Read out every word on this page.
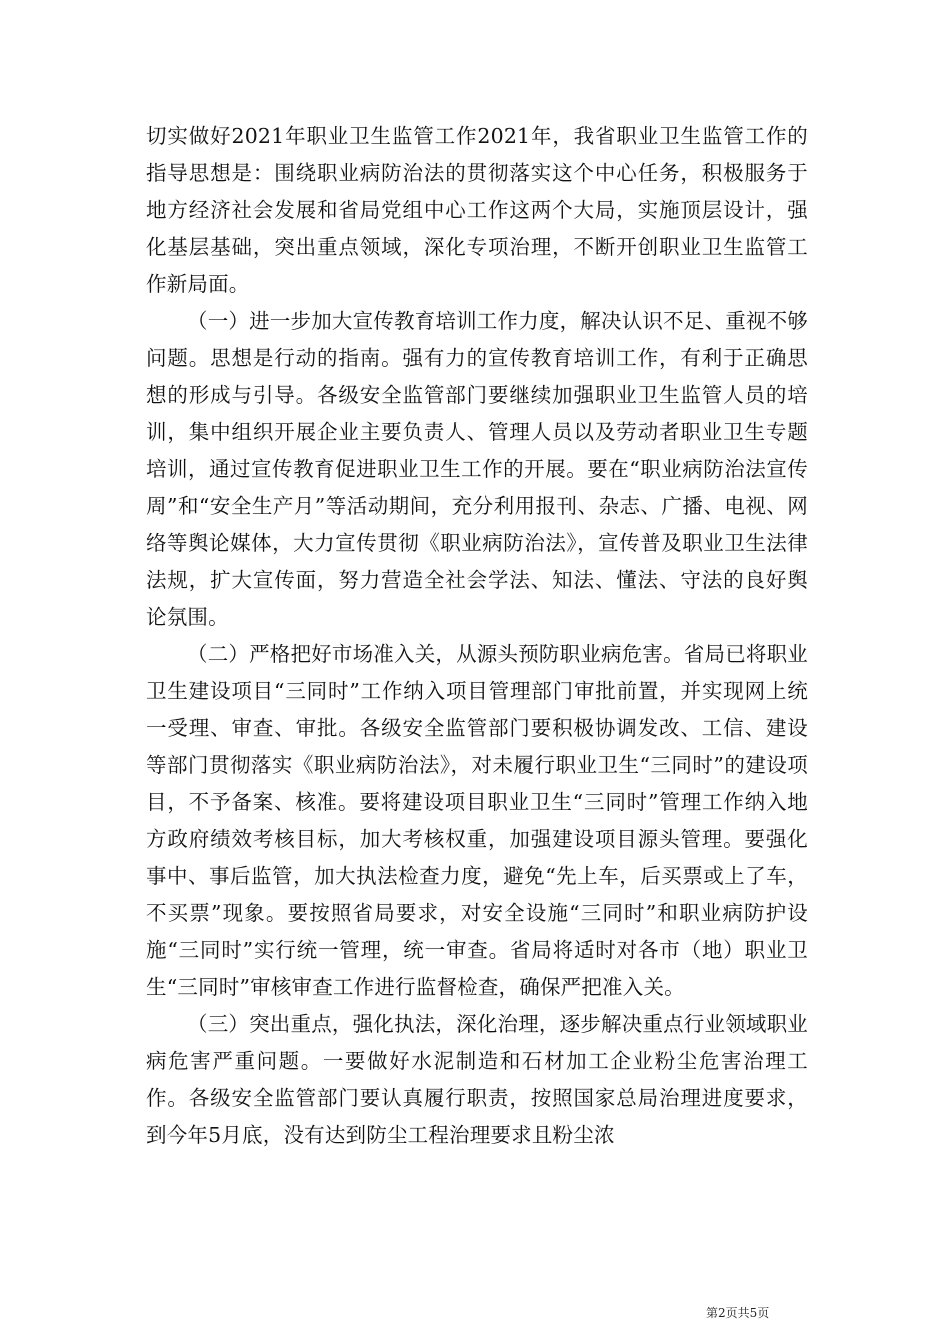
切实做好2021年职业卫生监管工作2021年，我省职业卫生监管工作的指导思想是：围绕职业病防治法的贯彻落实这个中心任务，积极服务于地方经济社会发展和省局党组中心工作这两个大局，实施顶层设计，强化基层基础，突出重点领域，深化专项治理，不断开创职业卫生监管工作新局面。

（一）进一步加大宣传教育培训工作力度，解决认识不足、重视不够问题。思想是行动的指南。强有力的宣传教育培训工作，有利于正确思想的形成与引导。各级安全监管部门要继续加强职业卫生监管人员的培训，集中组织开展企业主要负责人、管理人员以及劳动者职业卫生专题培训，通过宣传教育促进职业卫生工作的开展。要在“职业病防治法宣传周”和“安全生产月”等活动期间，充分利用报刊、杂志、广播、电视、网络等舆论媒体，大力宣传贯彻《职业病防治法》，宣传普及职业卫生法律法规，扩大宣传面，努力营造全社会学法、知法、懂法、守法的良好舆论氛围。

（二）严格把好市场准入关，从源头预防职业病危害。省局已将职业卫生建设项目“三同时”工作纳入项目管理部门审批前置，并实现网上统一受理、审查、审批。各级安全监管部门要积极协调发改、工信、建设等部门贯彻落实《职业病防治法》，对未履行职业卫生“三同时”的建设项目，不予备案、核准。要将建设项目职业卫生“三同时”管理工作纳入地方政府绩效考核目标，加大考核权重，加强建设项目源头管理。要强化事中、事后监管，加大执法检查力度，避免“先上车，后买票或上了车，不买票”现象。要按照省局要求，对安全设施“三同时”和职业病防护设施“三同时”实行统一管理，统一审查。省局将适时对各市（地）职业卫生“三同时”审核审查工作进行监督检查，确保严把准入关。

（三）突出重点，强化执法，深化治理，逐步解决重点行业领域职业病危害严重问题。一要做好水泥制造和石材加工企业粉尘危害治理工作。各级安全监管部门要认真履行职责，按照国家总局治理进度要求，到今年5月底，没有达到防尘工程治理要求且粉尘浓

第2页共5页
